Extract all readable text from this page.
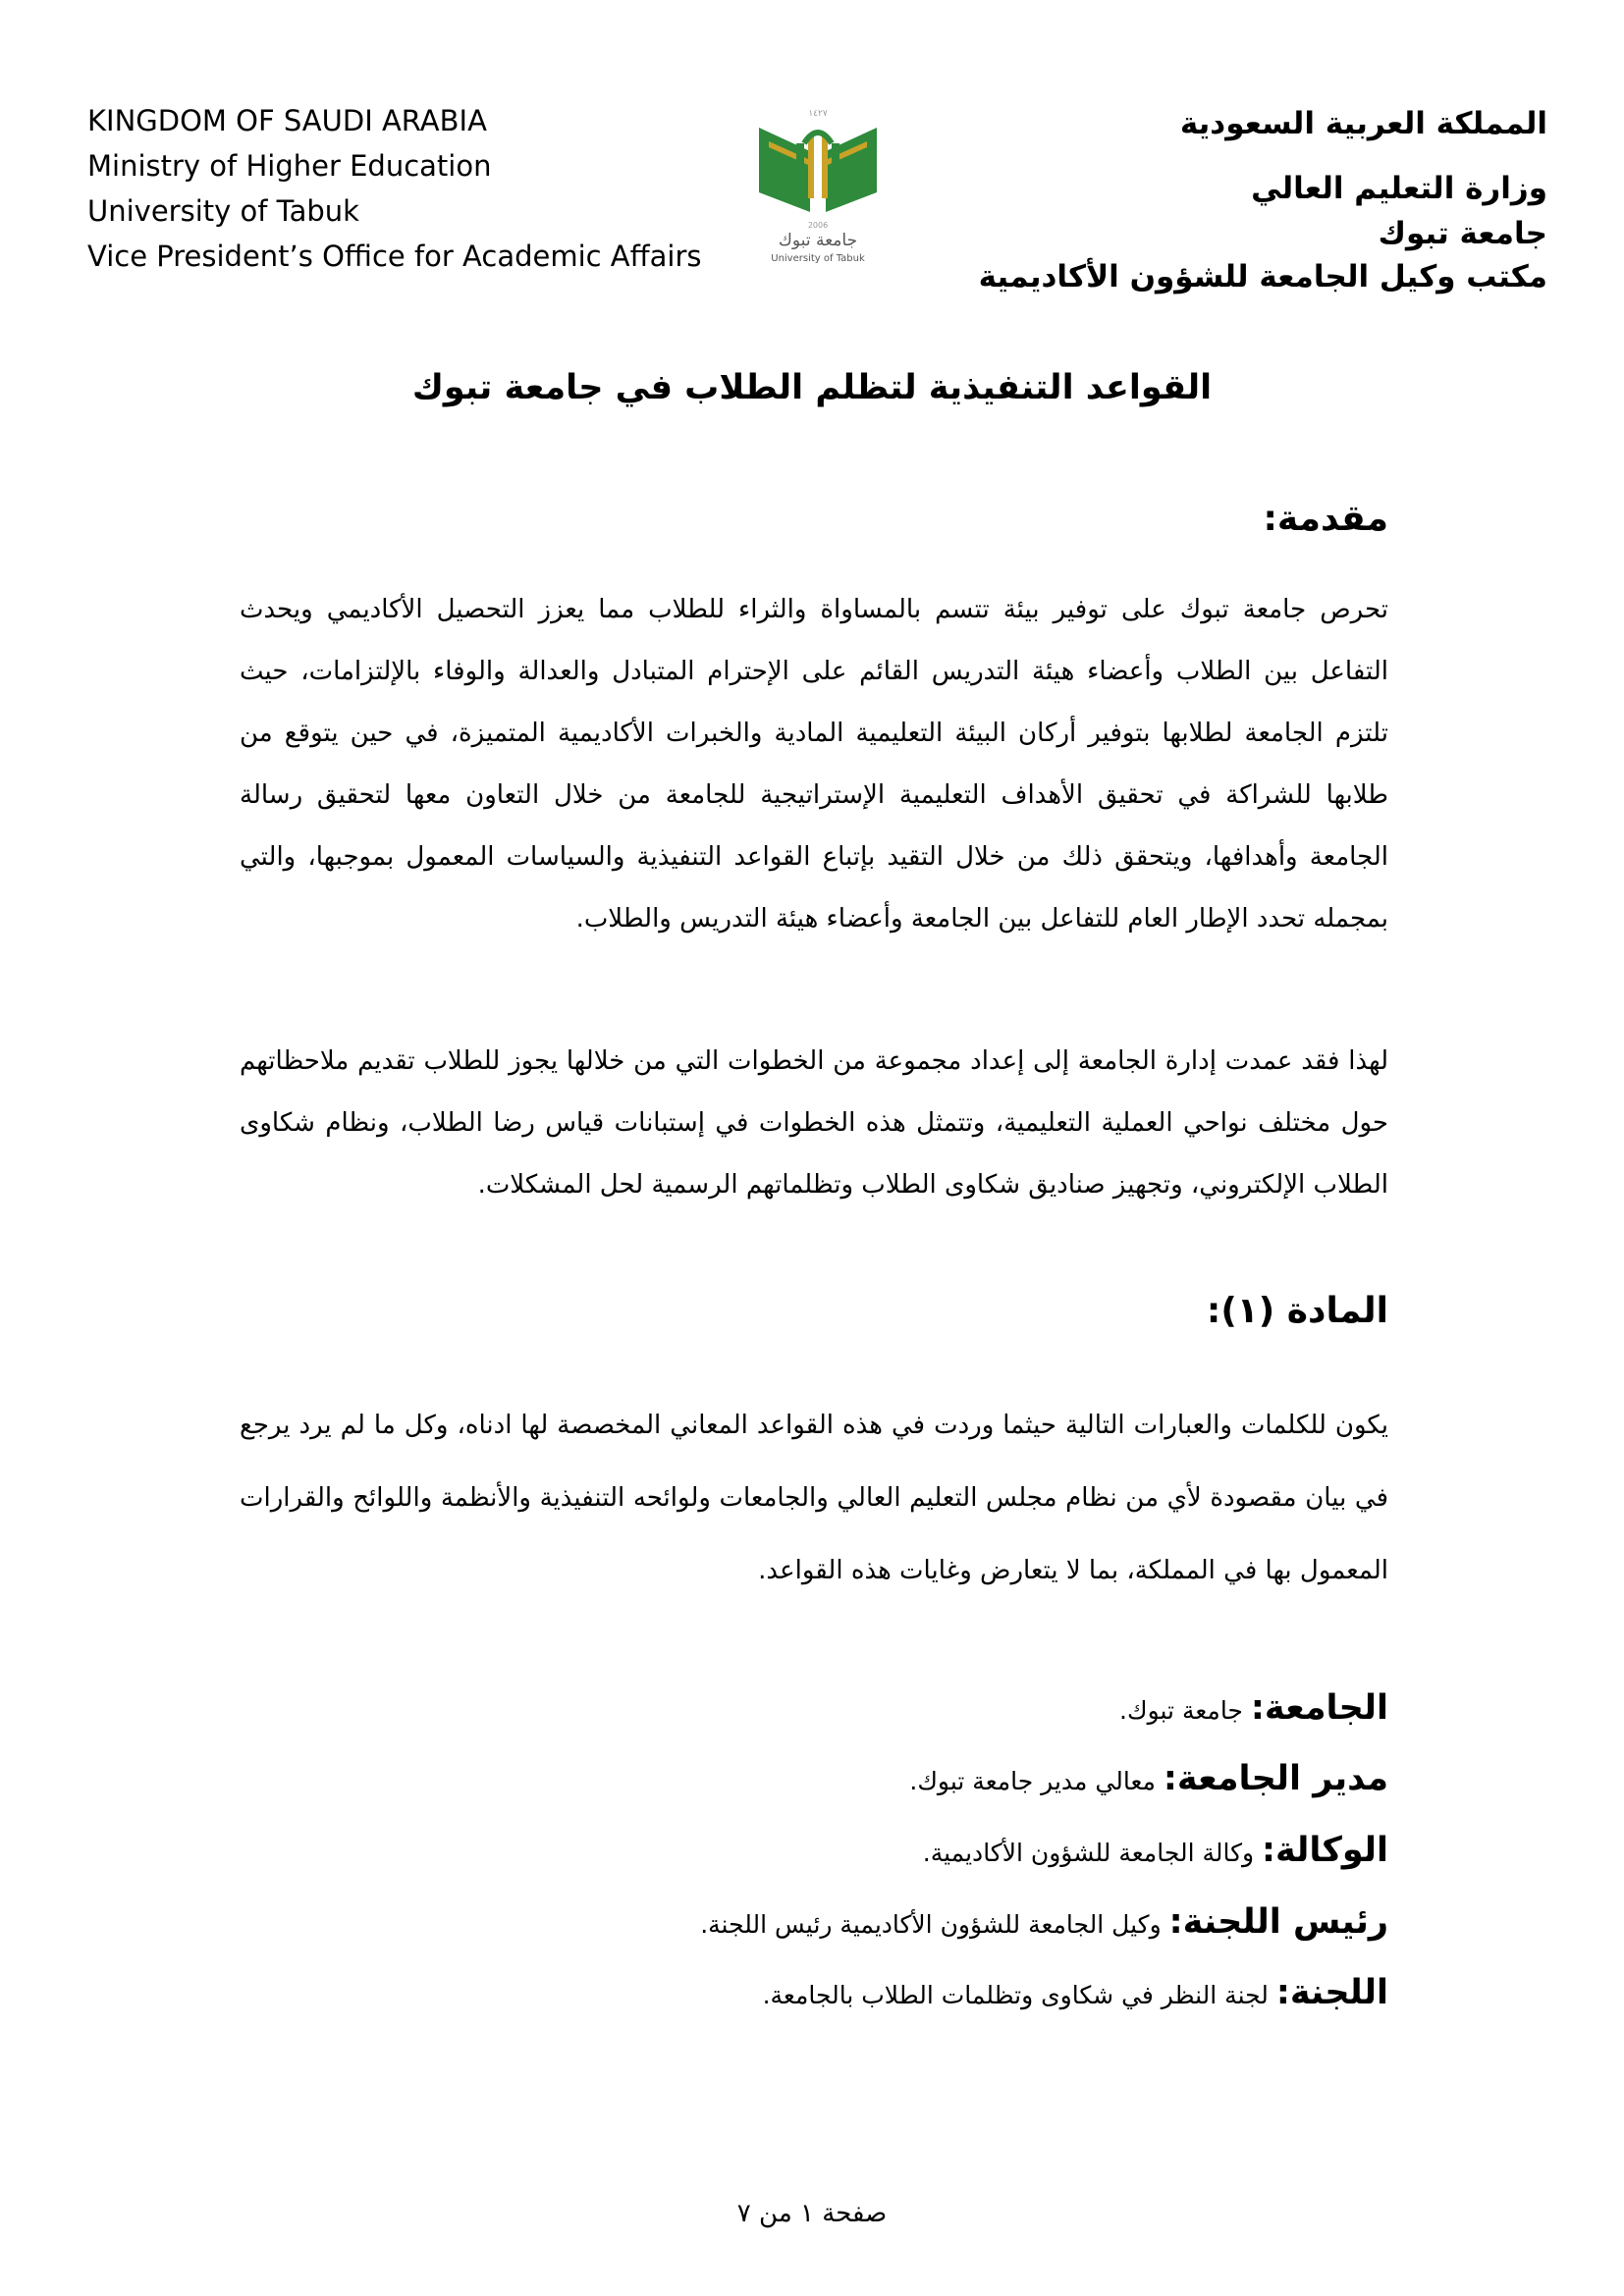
KINGDOM OF SAUDI ARABIA
Ministry of Higher Education
University of Tabuk
Vice President’s Office for Academic Affairs
١٤٢٧
2006
جامعة تبوك
University of Tabuk
المملكة العربية السعودية
وزارة التعليم العالي
جامعة تبوك
مكتب وكيل الجامعة للشؤون الأكاديمية
القواعد التنفيذية لتظلم الطلاب في جامعة تبوك
مقدمة:
تحرص جامعة تبوك على توفير بيئة تتسم بالمساواة والثراء للطلاب مما يعزز التحصيل الأكاديمي ويحدث التفاعل بين الطلاب وأعضاء هيئة التدريس القائم على الإحترام المتبادل والعدالة والوفاء بالإلتزامات، حيث تلتزم الجامعة لطلابها بتوفير أركان البيئة التعليمية المادية والخبرات الأكاديمية المتميزة، في حين يتوقع من طلابها للشراكة في تحقيق الأهداف التعليمية الإستراتيجية للجامعة من خلال التعاون معها لتحقيق رسالة الجامعة وأهدافها، ويتحقق ذلك من خلال التقيد بإتباع القواعد التنفيذية والسياسات المعمول بموجبها، والتي بمجمله تحدد الإطار العام للتفاعل بين الجامعة وأعضاء هيئة التدريس والطلاب.
لهذا فقد عمدت إدارة الجامعة إلى إعداد مجموعة من الخطوات التي من خلالها يجوز للطلاب تقديم ملاحظاتهم حول مختلف نواحي العملية التعليمية، وتتمثل هذه الخطوات في إستبانات قياس رضا الطلاب، ونظام شكاوى الطلاب الإلكتروني، وتجهيز صناديق شكاوى الطلاب وتظلماتهم الرسمية لحل المشكلات.
المادة (١):
يكون للكلمات والعبارات التالية حيثما وردت في هذه القواعد المعاني المخصصة لها ادناه، وكل ما لم يرد يرجع في بيان مقصودة لأي من نظام مجلس التعليم العالي والجامعات ولوائحه التنفيذية والأنظمة واللوائح والقرارات المعمول بها في المملكة، بما لا يتعارض وغايات هذه القواعد.
الجامعة: جامعة تبوك.
مدير الجامعة: معالي مدير جامعة تبوك.
الوكالة: وكالة الجامعة للشؤون الأكاديمية.
رئيس اللجنة: وكيل الجامعة للشؤون الأكاديمية رئيس اللجنة.
اللجنة: لجنة النظر في شكاوى وتظلمات الطلاب بالجامعة.
صفحة ١ من ٧
